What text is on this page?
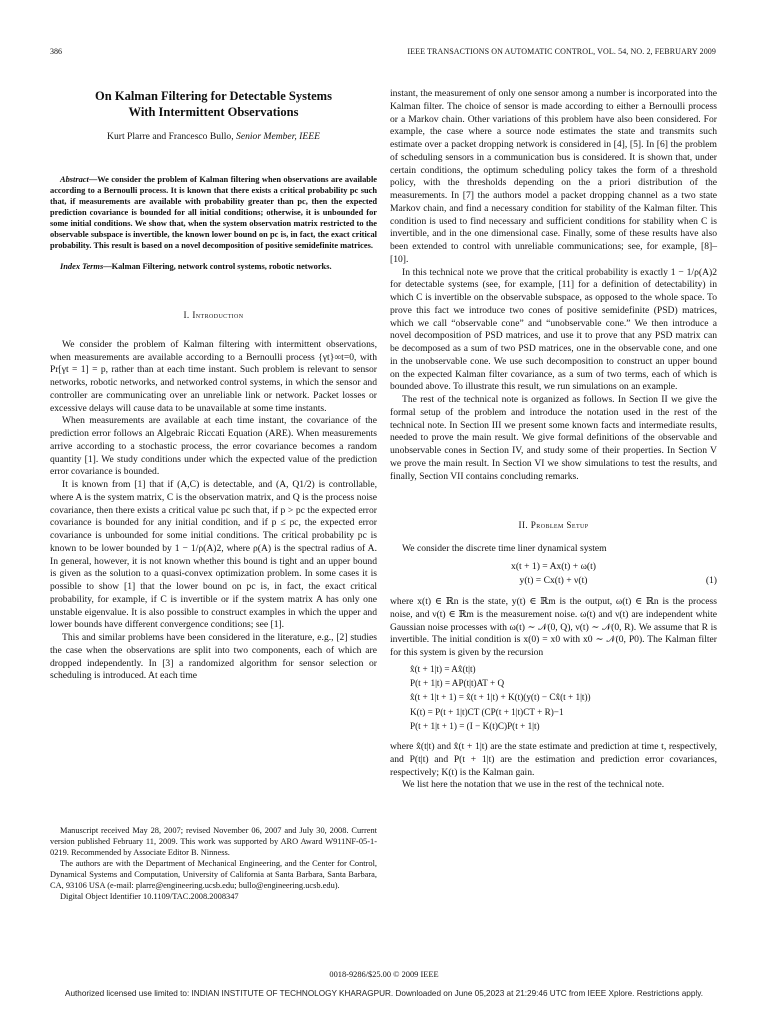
386	IEEE TRANSACTIONS ON AUTOMATIC CONTROL, VOL. 54, NO. 2, FEBRUARY 2009
On Kalman Filtering for Detectable Systems
With Intermittent Observations
Kurt Plarre and Francesco Bullo, Senior Member, IEEE
Abstract—We consider the problem of Kalman filtering when observations are available according to a Bernoulli process. It is known that there exists a critical probability pc such that, if measurements are available with probability greater than pc, then the expected prediction covariance is bounded for all initial conditions; otherwise, it is unbounded for some initial conditions. We show that, when the system observation matrix restricted to the observable subspace is invertible, the known lower bound on pc is, in fact, the exact critical probability. This result is based on a novel decomposition of positive semidefinite matrices.
Index Terms—Kalman Filtering, network control systems, robotic networks.
I. Introduction

We consider the problem of Kalman filtering with intermittent observations, when measurements are available according to a Bernoulli process {γt}∞t=0, with Pr[γt = 1] = p, rather than at each time instant. Such problem is relevant to sensor networks, robotic networks, and networked control systems, in which the sensor and controller are communicating over an unreliable link or network. Packet losses or excessive delays will cause data to be unavailable at some time instants.

When measurements are available at each time instant, the covariance of the prediction error follows an Algebraic Riccati Equation (ARE). When measurements arrive according to a stochastic process, the error covariance becomes a random quantity [1]. We study conditions under which the expected value of the prediction error covariance is bounded.

It is known from [1] that if (A,C) is detectable, and (A, Q1/2) is controllable, where A is the system matrix, C is the observation matrix, and Q is the process noise covariance, then there exists a critical value pc such that, if p > pc the expected error covariance is bounded for any initial condition, and if p ≤ pc, the expected error covariance is unbounded for some initial conditions. The critical probability pc is known to be lower bounded by 1 − 1/ρ(A)2, where ρ(A) is the spectral radius of A. In general, however, it is not known whether this bound is tight and an upper bound is given as the solution to a quasi-convex optimization problem. In some cases it is possible to show [1] that the lower bound on pc is, in fact, the exact critical probability, for example, if C is invertible or if the system matrix A has only one unstable eigenvalue. It is also possible to construct examples in which the upper and lower bounds have different convergence conditions; see [1].

This and similar problems have been considered in the literature, e.g., [2] studies the case when the observations are split into two components, each of which are dropped independently. In [3] a randomized algorithm for sensor selection or scheduling is introduced. At each time

Manuscript received May 28, 2007; revised November 06, 2007 and July 30, 2008. Current version published February 11, 2009. This work was supported by ARO Award W911NF-05-1-0219. Recommended by Associate Editor B. Ninness.

The authors are with the Department of Mechanical Engineering, and the Center for Control, Dynamical Systems and Computation, University of California at Santa Barbara, Santa Barbara, CA, 93106 USA (e-mail: plarre@engineering.ucsb.edu; bullo@engineering.ucsb.edu).

Digital Object Identifier 10.1109/TAC.2008.2008347

instant, the measurement of only one sensor among a number is incorporated into the Kalman filter. The choice of sensor is made according to either a Bernoulli process or a Markov chain. Other variations of this problem have also been considered. For example, the case where a source node estimates the state and transmits such estimate over a packet dropping network is considered in [4], [5]. In [6] the problem of scheduling sensors in a communication bus is considered. It is shown that, under certain conditions, the optimum scheduling policy takes the form of a threshold policy, with the thresholds depending on the a priori distribution of the measurements. In [7] the authors model a packet dropping channel as a two state Markov chain, and find a necessary condition for stability of the Kalman filter. This condition is used to find necessary and sufficient conditions for stability when C is invertible, and in the one dimensional case. Finally, some of these results have also been extended to control with unreliable communications; see, for example, [8]–[10].

In this technical note we prove that the critical probability is exactly 1 − 1/ρ(A)2 for detectable systems (see, for example, [11] for a definition of detectability) in which C is invertible on the observable subspace, as opposed to the whole space. To prove this fact we introduce two cones of positive semidefinite (PSD) matrices, which we call “observable cone” and “unobservable cone.” We then introduce a novel decomposition of PSD matrices, and use it to prove that any PSD matrix can be decomposed as a sum of two PSD matrices, one in the observable cone, and one in the unobservable cone. We use such decomposition to construct an upper bound on the expected Kalman filter covariance, as a sum of two terms, each of which is bounded above. To illustrate this result, we run simulations on an example.

The rest of the technical note is organized as follows. In Section II we give the formal setup of the problem and introduce the notation used in the rest of the technical note. In Section III we present some known facts and intermediate results, needed to prove the main result. We give formal definitions of the observable and unobservable cones in Section IV, and study some of their properties. In Section V we prove the main result. In Section VI we show simulations to test the results, and finally, Section VII contains concluding remarks.

II. Problem Setup

We consider the discrete time liner dynamical system

x(t + 1) = Ax(t) + ω(t)
y(t) = Cx(t) + ν(t)	(1)

where x(t) ∈ ℝn is the state, y(t) ∈ ℝm is the output, ω(t) ∈ ℝn is the process noise, and ν(t) ∈ ℝm is the measurement noise. ω(t) and ν(t) are independent white Gaussian noise processes with ω(t) ∼ 𝒩(0, Q), ν(t) ∼ 𝒩(0, R). We assume that R is invertible. The initial condition is x(0) = x0 with x0 ∼ 𝒩(0, P0). The Kalman filter for this system is given by the recursion

x̂(t + 1|t) = Ax̂(t|t)
P(t + 1|t) = AP(t|t)AT + Q
x̂(t + 1|t + 1) = x̂(t + 1|t) + K(t)(y(t) − Cx̂(t + 1|t))
K(t) = P(t + 1|t)CT (CP(t + 1|t)CT + R)−1
P(t + 1|t + 1) = (I − K(t)C)P(t + 1|t)

where x̂(t|t) and x̂(t + 1|t) are the state estimate and prediction at time t, respectively, and P(t|t) and P(t + 1|t) are the estimation and prediction error covariances, respectively; K(t) is the Kalman gain.

We list here the notation that we use in the rest of the technical note.

0018-9286/$25.00 © 2009 IEEE
Authorized licensed use limited to: INDIAN INSTITUTE OF TECHNOLOGY KHARAGPUR. Downloaded on June 05,2023 at 21:29:46 UTC from IEEE Xplore. Restrictions apply.
